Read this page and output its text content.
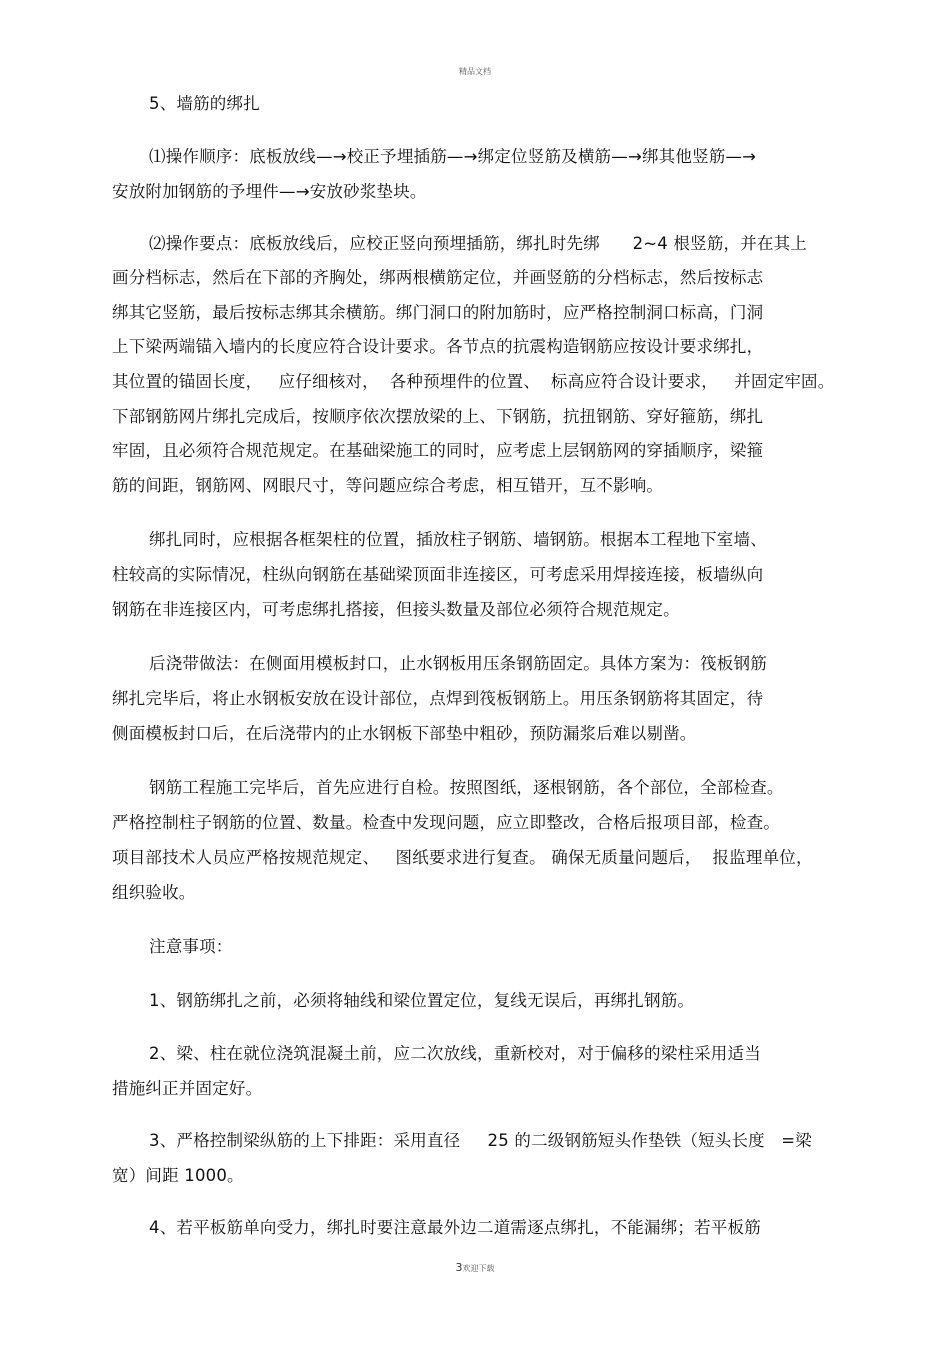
精品文档
5、墙筋的绑扎
⑴操作顺序：底板放线—→校正予埋插筋—→绑定位竖筋及横筋—→绑其他竖筋—→
安放附加钢筋的予埋件—→安放砂浆垫块。
⑵操作要点：底板放线后，应校正竖向预埋插筋，绑扎时先绑      2~4 根竖筋，并在其上
画分档标志，然后在下部的齐胸处，绑两根横筋定位，并画竖筋的分档标志，然后按标志
绑其它竖筋，最后按标志绑其余横筋。绑门洞口的附加筋时，应严格控制洞口标高，门洞
上下梁两端锚入墙内的长度应符合设计要求。各节点的抗震构造钢筋应按设计要求绑扎，
其位置的锚固长度，   应仔细核对，  各种预埋件的位置、  标高应符合设计要求，   并固定牢固。
下部钢筋网片绑扎完成后，按顺序依次摆放梁的上、下钢筋，抗扭钢筋、穿好箍筋，绑扎
牢固，且必须符合规范规定。在基础梁施工的同时，应考虑上层钢筋网的穿插顺序，梁箍
筋的间距，钢筋网、网眼尺寸，等问题应综合考虑，相互错开，互不影响。
绑扎同时，应根据各框架柱的位置，插放柱子钢筋、墙钢筋。根据本工程地下室墙、
柱较高的实际情况，柱纵向钢筋在基础梁顶面非连接区，可考虑采用焊接连接，板墙纵向
钢筋在非连接区内，可考虑绑扎搭接，但接头数量及部位必须符合规范规定。
后浇带做法：在侧面用模板封口，止水钢板用压条钢筋固定。具体方案为：筏板钢筋
绑扎完毕后，将止水钢板安放在设计部位，点焊到筏板钢筋上。用压条钢筋将其固定，待
侧面模板封口后，在后浇带内的止水钢板下部垫中粗砂，预防漏浆后难以剔凿。
钢筋工程施工完毕后，首先应进行自检。按照图纸，逐根钢筋，各个部位，全部检查。
严格控制柱子钢筋的位置、数量。检查中发现问题，应立即整改，合格后报项目部，检查。
项目部技术人员应严格按规范规定、   图纸要求进行复查。 确保无质量问题后，  报监理单位，
组织验收。
注意事项：
1、钢筋绑扎之前，必须将轴线和梁位置定位，复线无误后，再绑扎钢筋。
2、梁、柱在就位浇筑混凝土前，应二次放线，重新校对，对于偏移的梁柱采用适当
措施纠正并固定好。
3、严格控制梁纵筋的上下排距：采用直径     25 的二级钢筋短头作垫铁（短头长度   =梁
宽）间距 1000。
4、若平板筋单向受力，绑扎时要注意最外边二道需逐点绑扎，不能漏绑；若平板筋
3欢迎下载
